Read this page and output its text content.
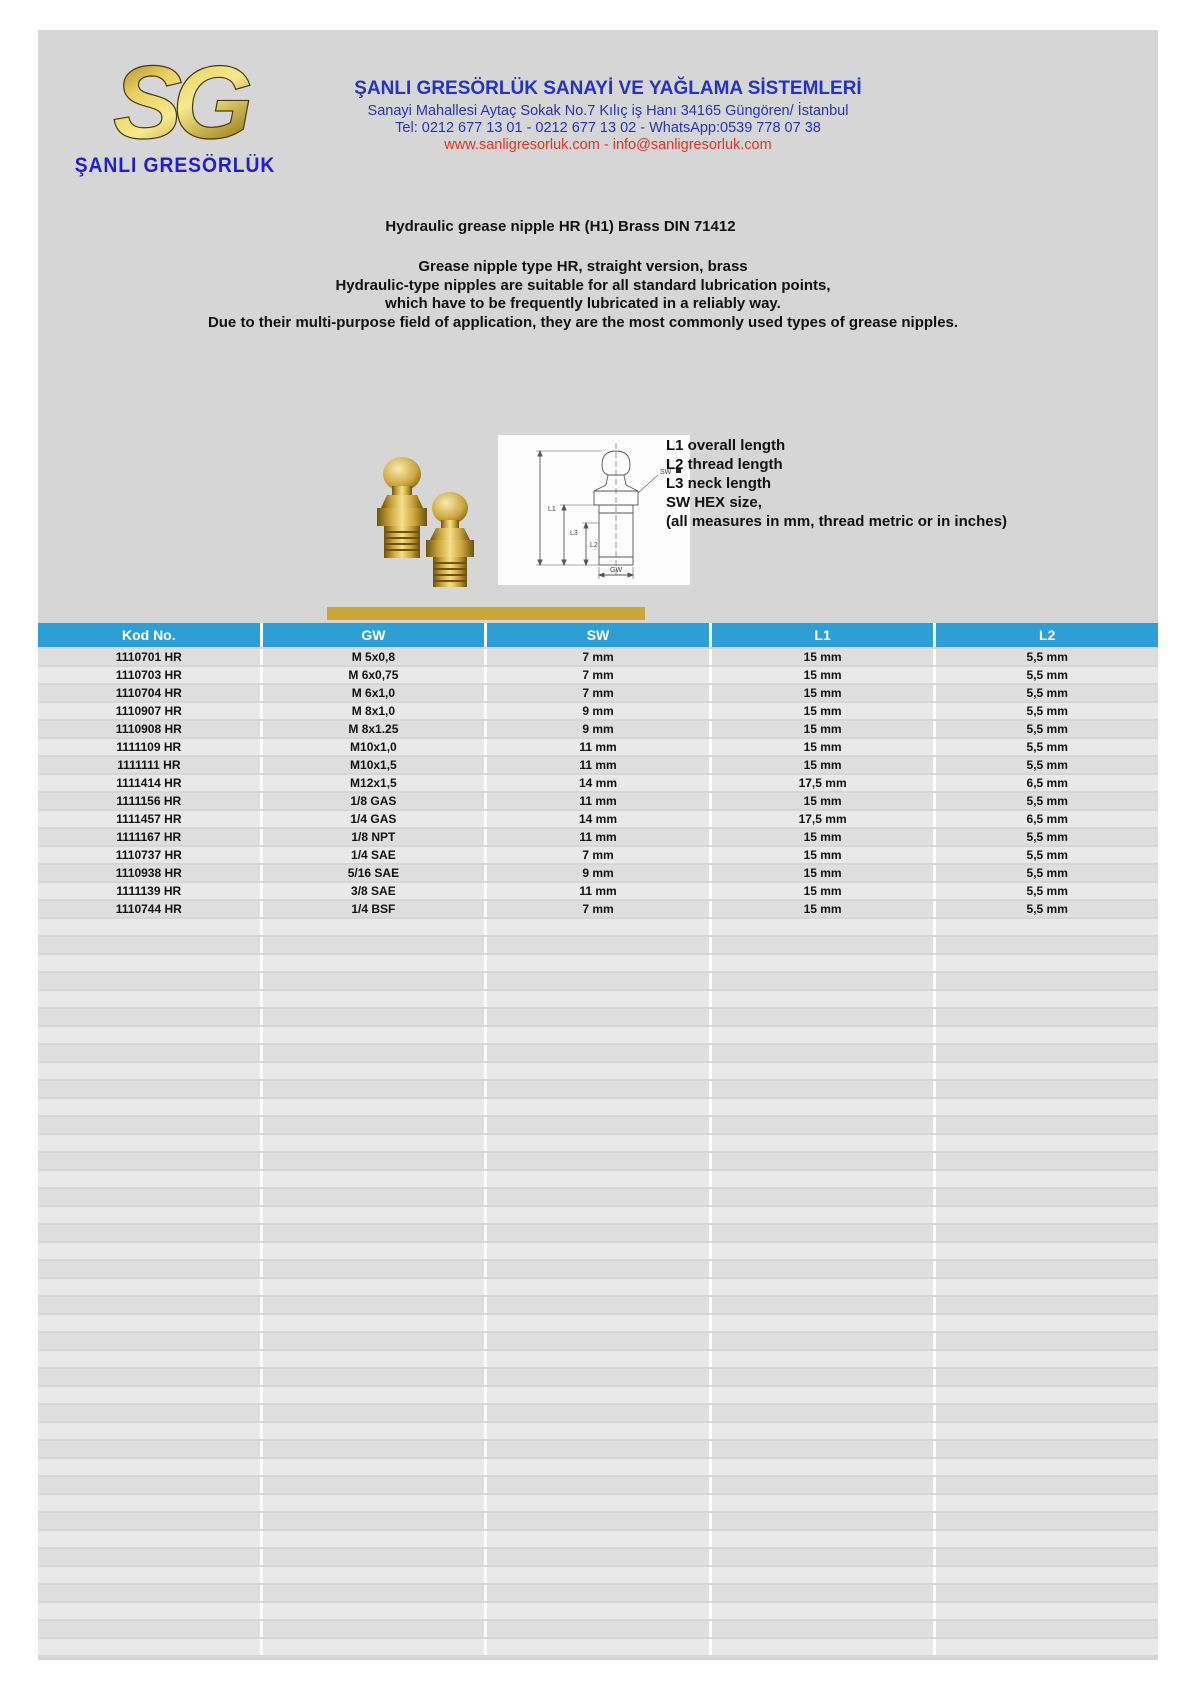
SG
ŞANLI GRESÖRLÜK
ŞANLI GRESÖRLÜK SANAYİ VE YAĞLAMA SİSTEMLERİ
Sanayi Mahallesi Aytaç Sokak No.7 Kılıç iş Hanı 34165 Güngören/ İstanbul
Tel: 0212 677 13 01 - 0212 677 13 02 - WhatsApp:0539 778 07 38
www.sanligresorluk.com - info@sanligresorluk.com
Hydraulic grease nipple HR (H1) Brass DIN 71412
Grease nipple type HR, straight version, brass
Hydraulic-type nipples are suitable for all standard lubrication points,
which have to be frequently lubricated in a reliably way.
Due to their multi-purpose field of application, they are the most commonly used types of grease nipples.
L1
L3
L2
GW
SW
L1 overall length
L2 thread length
L3 neck length
SW HEX size,
(all measures in mm, thread metric or in inches)
Kod No.	GW	SW	L1	L2
1110701 HR	M 5x0,8	7 mm	15 mm	5,5 mm
1110703 HR	M 6x0,75	7 mm	15 mm	5,5 mm
1110704 HR	M 6x1,0	7 mm	15 mm	5,5 mm
1110907 HR	M 8x1,0	9 mm	15 mm	5,5 mm
1110908 HR	M 8x1.25	9 mm	15 mm	5,5 mm
1111109 HR	M10x1,0	11 mm	15 mm	5,5 mm
1111111 HR	M10x1,5	11 mm	15 mm	5,5 mm
1111414 HR	M12x1,5	14 mm	17,5 mm	6,5 mm
1111156 HR	1/8 GAS	11 mm	15 mm	5,5 mm
1111457 HR	1/4 GAS	14 mm	17,5 mm	6,5 mm
1111167 HR	1/8 NPT	11 mm	15 mm	5,5 mm
1110737 HR	1/4 SAE	7 mm	15 mm	5,5 mm
1110938 HR	5/16 SAE	9 mm	15 mm	5,5 mm
1111139 HR	3/8 SAE	11 mm	15 mm	5,5 mm
1110744 HR	1/4 BSF	7 mm	15 mm	5,5 mm
